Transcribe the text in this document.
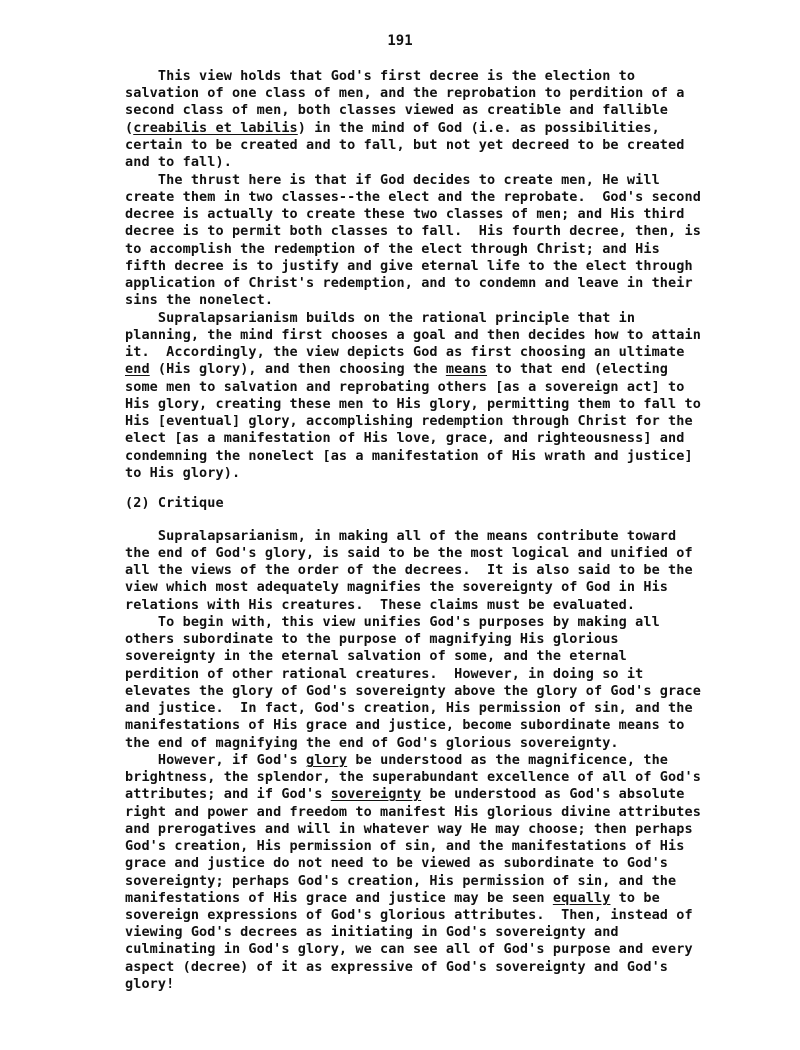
191
This view holds that God's first decree is the election to
salvation of one class of men, and the reprobation to perdition of a
second class of men, both classes viewed as creatible and fallible
(creabilis et labilis) in the mind of God (i.e. as possibilities,
certain to be created and to fall, but not yet decreed to be created
and to fall).
The thrust here is that if God decides to create men, He will
create them in two classes--the elect and the reprobate.  God's second
decree is actually to create these two classes of men; and His third
decree is to permit both classes to fall.  His fourth decree, then, is
to accomplish the redemption of the elect through Christ; and His
fifth decree is to justify and give eternal life to the elect through
application of Christ's redemption, and to condemn and leave in their
sins the nonelect.
Supralapsarianism builds on the rational principle that in
planning, the mind first chooses a goal and then decides how to attain
it.  Accordingly, the view depicts God as first choosing an ultimate
end (His glory), and then choosing the means to that end (electing
some men to salvation and reprobating others [as a sovereign act] to
His glory, creating these men to His glory, permitting them to fall to
His [eventual] glory, accomplishing redemption through Christ for the
elect [as a manifestation of His love, grace, and righteousness] and
condemning the nonelect [as a manifestation of His wrath and justice]
to His glory).
(2) Critique
Supralapsarianism, in making all of the means contribute toward
the end of God's glory, is said to be the most logical and unified of
all the views of the order of the decrees.  It is also said to be the
view which most adequately magnifies the sovereignty of God in His
relations with His creatures.  These claims must be evaluated.
To begin with, this view unifies God's purposes by making all
others subordinate to the purpose of magnifying His glorious
sovereignty in the eternal salvation of some, and the eternal
perdition of other rational creatures.  However, in doing so it
elevates the glory of God's sovereignty above the glory of God's grace
and justice.  In fact, God's creation, His permission of sin, and the
manifestations of His grace and justice, become subordinate means to
the end of magnifying the end of God's glorious sovereignty.
However, if God's glory be understood as the magnificence, the
brightness, the splendor, the superabundant excellence of all of God's
attributes; and if God's sovereignty be understood as God's absolute
right and power and freedom to manifest His glorious divine attributes
and prerogatives and will in whatever way He may choose; then perhaps
God's creation, His permission of sin, and the manifestations of His
grace and justice do not need to be viewed as subordinate to God's
sovereignty; perhaps God's creation, His permission of sin, and the
manifestations of His grace and justice may be seen equally to be
sovereign expressions of God's glorious attributes.  Then, instead of
viewing God's decrees as initiating in God's sovereignty and
culminating in God's glory, we can see all of God's purpose and every
aspect (decree) of it as expressive of God's sovereignty and God's
glory!
